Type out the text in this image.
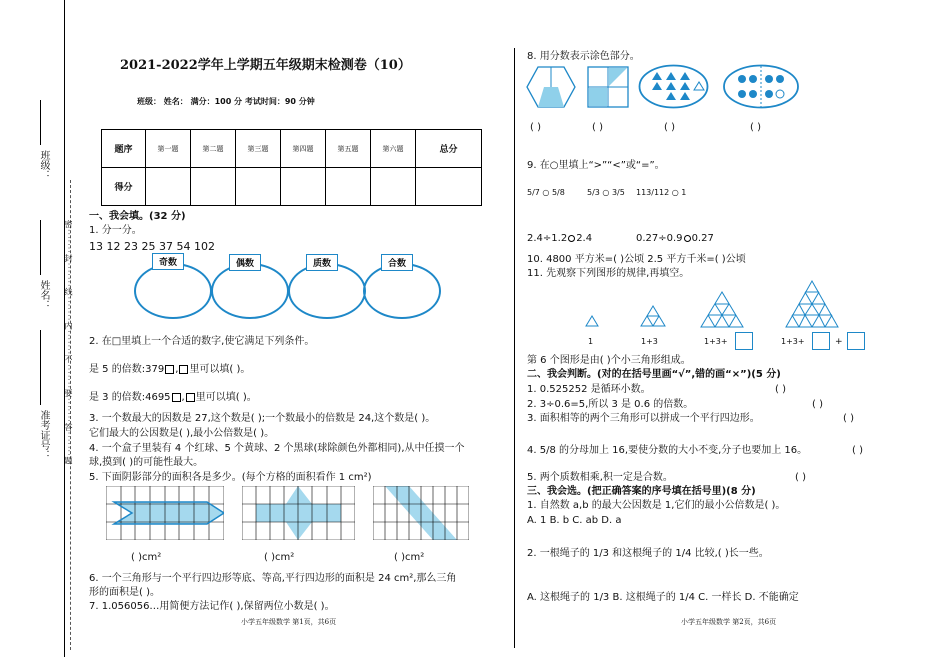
班级：
姓名：
准考证号： 密·······封·······线·······内·······不·······要·······答·······题
2021-2022学年上学期五年级期末检测卷（10）
班级： 姓名： 满分：100 分 考试时间：90 分钟
题序	第一题	第二题	第三题	第四题	第五题	第六题	总分
得分							
一、我会填。(32 分)
1. 分一分。
13 12 23 25 37 54 102
奇数	偶数	质数	合数
2. 在□里填上一个合适的数字,使它满足下列条件。
是 5 的倍数:379 , 里可以填( )。
是 3 的倍数:4695 , 里可以填( )。
3. 一个数最大的因数是 27,这个数是( );一个数最小的倍数是 24,这个数是( )。
它们最大的公因数是( ),最小公倍数是( )。
4. 一个盒子里装有 4 个红球、5 个黄球、2 个黑球(球除颜色外都相同),从中任摸一个
球,摸到( )的可能性最大。
5. 下面阴影部分的面积各是多少。(每个方格的面积看作 1 cm²)
( )cm²	( )cm²	( )cm²
6. 一个三角形与一个平行四边形等底、等高,平行四边形的面积是 24 cm²,那么三角
形的面积是( )。
7. 1.056056…用简便方法记作( ),保留两位小数是( )。
小学五年级数学 第1页，共6页
8. 用分数表示涂色部分。
( )	( )	( )	( )
9. 在○里填上“>”“<”或“=”。
5/7 ○ 5/8	5/3 ○ 3/5 113/112 ○ 1
2.4÷1.2 2.4	0.27÷0.9 0.27
10. 4800 平方米=( )公顷 2.5 平方千米=( )公顷
11. 先观察下列图形的规律,再填空。
1	1+3	1+3+	1+3+	+
第 6 个图形是由( )个小三角形组成。
二、我会判断。(对的在括号里画“√”,错的画“×”)(5 分)
1. 0.525252 是循环小数。	( )
2. 3÷0.6=5,所以 3 是 0.6 的倍数。	( )
3. 面积相等的两个三角形可以拼成一个平行四边形。	( )
4. 5/8 的分母加上 16,要使分数的大小不变,分子也要加上 16。	( )
5. 两个质数相乘,积一定是合数。	( )
三、我会选。(把正确答案的序号填在括号里)(8 分)
1. 自然数 a,b 的最大公因数是 1,它们的最小公倍数是( )。
A. 1 B. b C. ab D. a
2. 一根绳子的 1/3 和这根绳子的 1/4 比较,( )长一些。
A. 这根绳子的 1/3 B. 这根绳子的 1/4 C. 一样长 D. 不能确定
小学五年级数学 第2页，共6页
